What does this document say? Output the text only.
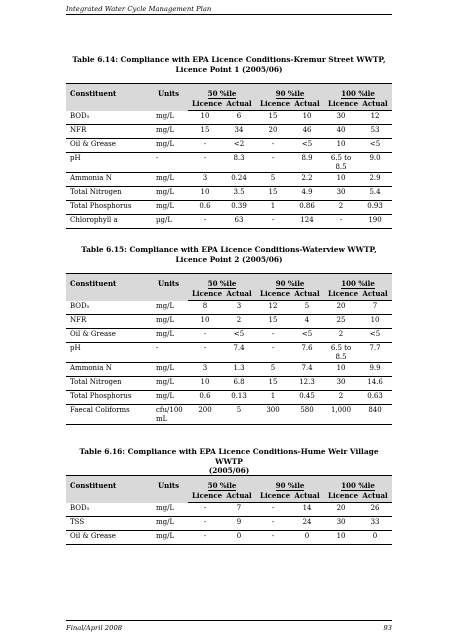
Integrated Water Cycle Management Plan
Table 6.14: Compliance with EPA Licence Conditions-Kremur Street WWTP,
Licence Point 1 (2005/06)
Constituent	Units	50 %ile		90 %ile		100 %ile	
		Licence	Actual	Licence	Actual	Licence	Actual
BOD₅	mg/L	10	6	15	10	30	12
NFR	mg/L	15	34	20	46	40	53
Oil & Grease	mg/L	-	<2	-	<5	10	<5
pH	-	-	8.3	-	8.9	6.5 to 8.5	9.0
Ammonia N	mg/L	3	0.24	5	2.2	10	2.9
Total Nitrogen	mg/L	10	3.5	15	4.9	30	5.4
Total Phosphorus	mg/L	0.6	0.39	1	0.86	2	0.93
Chlorophyll a	µg/L	-	63	-	124	-	190
Table 6.15: Compliance with EPA Licence Conditions-Waterview WWTP,
Licence Point 2 (2005/06)
Constituent	Units	50 %ile		90 %ile		100 %ile	
		Licence	Actual	Licence	Actual	Licence	Actual
BOD₅	mg/L	8	3	12	5	20	7
NFR	mg/L	10	2	15	4	25	10
Oil & Grease	mg/L	-	<5	-	<5	2	<5
pH	-	-	7.4	-	7.6	6.5 to 8.5	7.7
Ammonia N	mg/L	3	1.3	5	7.4	10	9.9
Total Nitrogen	mg/L	10	6.8	15	12.3	30	14.6
Total Phosphorus	mg/L	0.6	0.13	1	0.45	2	0.63
Faecal Coliforms	cfu/100 mL	200	5	300	580	1,000	840
Table 6.16: Compliance with EPA Licence Conditions-Hume Weir Village WWTP
(2005/06)
Constituent	Units	50 %ile		90 %ile		100 %ile	
		Licence	Actual	Licence	Actual	Licence	Actual
BOD₅	mg/L	-	7	-	14	20	26
TSS	mg/L	-	9	-	24	30	33
Oil & Grease	mg/L	-	0	-	0	10	0
Final/April 2008	93
